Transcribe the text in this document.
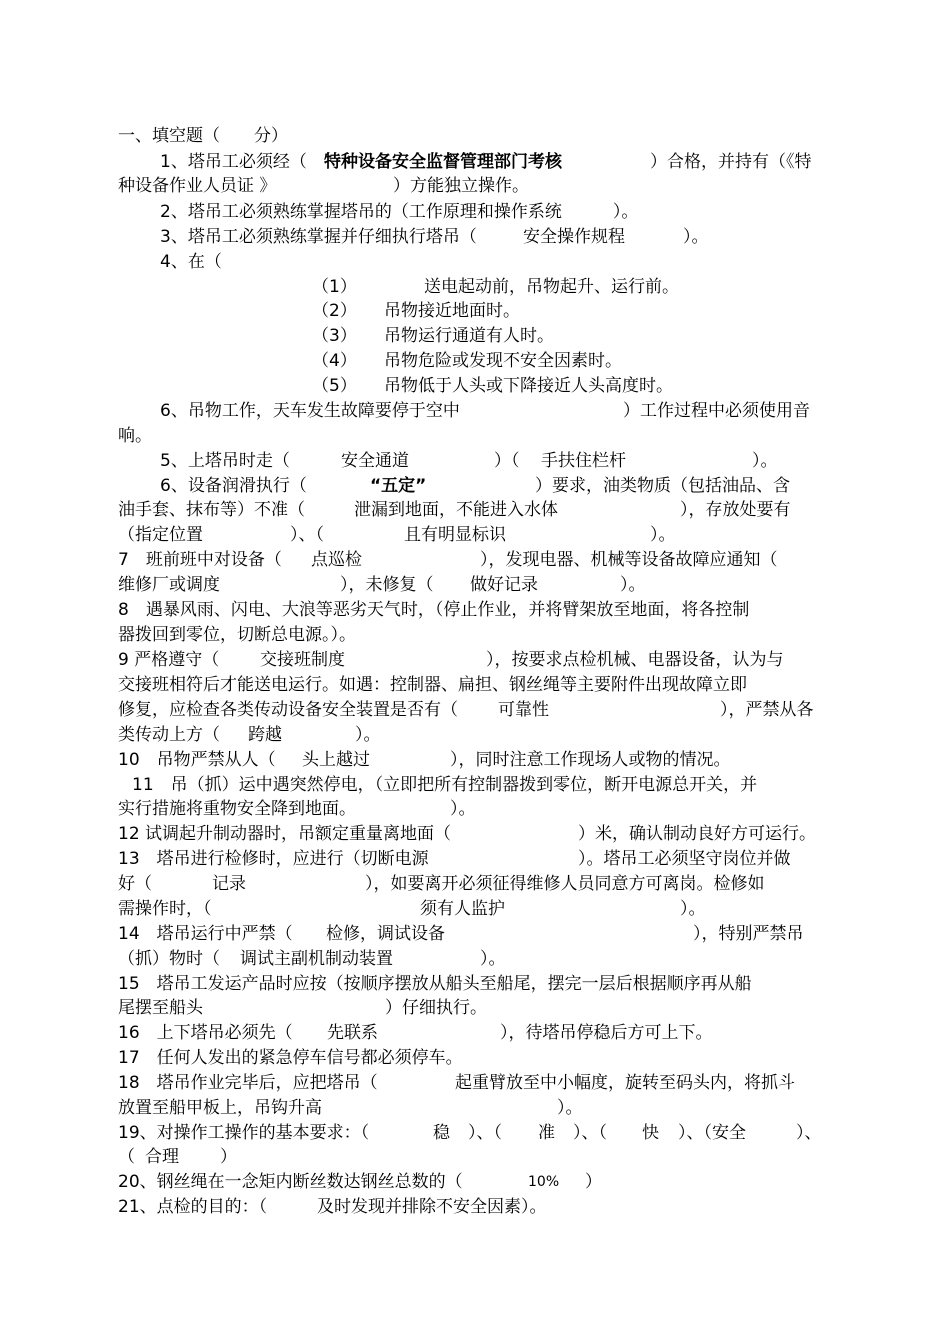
一、填空题（　　分）
1、塔吊工必须经（ 特种设备安全监督管理部门考核	）合格，并持有（《特
种设备作业人员证 》	）方能独立操作。
2、塔吊工必须熟练掌握塔吊的（工作原理和操作系统　　　）。
3、塔吊工必须熟练掌握并仔细执行塔吊（	安全操作规程	）。
4、在（
（1）	送电起动前，吊物起升、运行前。
（2） 吊物接近地面时。
（3） 吊物运行通道有人时。
（4） 吊物危险或发现不安全因素时。
（5） 吊物低于人头或下降接近人头高度时。
6、吊物工作，天车发生故障要停于空中	）工作过程中必须使用音
响。
5、上塔吊时走（	安全通道	）（ 手扶住栏杆	）。
6、设备润滑执行（	“五定”	）要求，油类物质（包括油品、含
油手套、抹布等）不准（	泄漏到地面，不能进入水体	），存放处要有
（指定位置	）、（	且有明显标识	）。
7　班前班中对设备（ 点巡检	），发现电器、机械等设备故障应通知（
维修厂或调度	），未修复（ 做好记录	）。
8　遇暴风雨、闪电、大浪等恶劣天气时，（停止作业，并将臂架放至地面，将各控制
器拨回到零位，切断总电源。）。
9 严格遵守（ 交接班制度	），按要求点检机械、电器设备，认为与
交接班相符后才能送电运行。如遇：控制器、扁担、钢丝绳等主要附件出现故障立即
修复，应检查各类传动设备安全装置是否有（ 可靠性	），严禁从各
类传动上方（ 跨越	）。
10　吊物严禁从人（ 头上越过	），同时注意工作现场人或物的情况。
11　吊（抓）运中遇突然停电，（立即把所有控制器拨到零位，断开电源总开关，并
实行措施将重物安全降到地面。	）。
12 试调起升制动器时，吊额定重量离地面（	）米，确认制动良好方可运行。
13　塔吊进行检修时，应进行（切断电源	）。塔吊工必须坚守岗位并做
好（	记录	），如要离开必须征得维修人员同意方可离岗。检修如
需操作时，（	须有人监护	）。
14　塔吊运行中严禁（ 检修，调试设备	），特别严禁吊
（抓）物时（ 调试主副机制动装置	）。
15　塔吊工发运产品时应按（按顺序摆放从船头至船尾，摆完一层后根据顺序再从船
尾摆至船头	）仔细执行。
16　上下塔吊必须先（ 先联系	），待塔吊停稳后方可上下。
17　任何人发出的紧急停车信号都必须停车。
18　塔吊作业完毕后，应把塔吊（	起重臂放至中小幅度，旋转至码头内，将抓斗
放置至船甲板上，吊钩升高	）。
19、对操作工操作的基本要求：（	稳 ）、（ 准 ）、（ 快 ）、（安全	）、
（ 合理 ）
20、钢丝绳在一念矩内断丝数达钢丝总数的（	10% ）
21、点检的目的：（	及时发现并排除不安全因素）。
